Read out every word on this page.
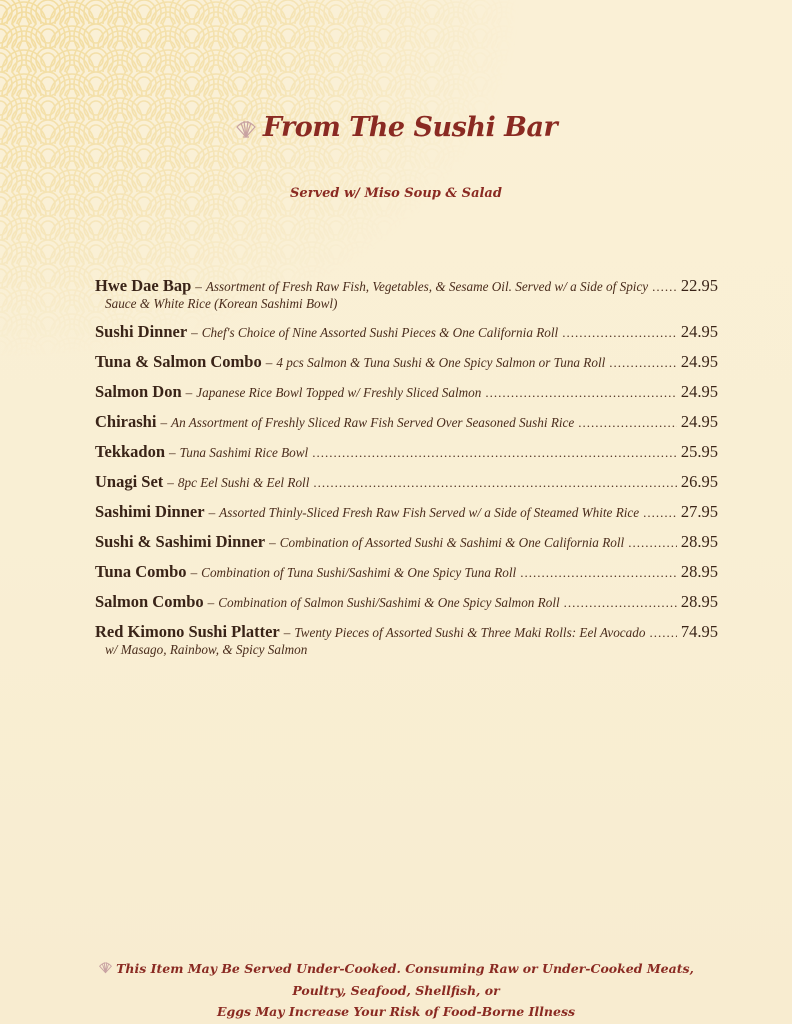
From The Sushi Bar
Served w/ Miso Soup & Salad
Hwe Dae Bap – Assortment of Fresh Raw Fish, Vegetables, & Sesame Oil. Served w/ a Side of Spicy ..... 22.95
Sauce & White Rice (Korean Sashimi Bowl)
Sushi Dinner – Chef's Choice of Nine Assorted Sushi Pieces & One California Roll .....	24.95
Tuna & Salmon Combo – 4 pcs Salmon & Tuna Sushi & One Spicy Salmon or Tuna Roll .....	24.95
Salmon Don – Japanese Rice Bowl Topped w/ Freshly Sliced Salmon .....	24.95
Chirashi – An Assortment of Freshly Sliced Raw Fish Served Over Seasoned Sushi Rice .....	24.95
Tekkadon – Tuna Sashimi Rice Bowl .....	25.95
Unagi Set – 8pc Eel Sushi & Eel Roll .....	26.95
Sashimi Dinner – Assorted Thinly-Sliced Fresh Raw Fish Served w/ a Side of Steamed White Rice .....	27.95
Sushi & Sashimi Dinner – Combination of Assorted Sushi & Sashimi & One California Roll .....	28.95
Tuna Combo – Combination of Tuna Sushi/Sashimi & One Spicy Tuna Roll .....	28.95
Salmon Combo – Combination of Salmon Sushi/Sashimi & One Spicy Salmon Roll .....	28.95
Red Kimono Sushi Platter – Twenty Pieces of Assorted Sushi & Three Maki Rolls: Eel Avocado ..... 74.95
w/ Masago, Rainbow, & Spicy Salmon
This Item May Be Served Under-Cooked. Consuming Raw or Under-Cooked Meats, Poultry, Seafood, Shellfish, or
Eggs May Increase Your Risk of Food-Borne Illness
